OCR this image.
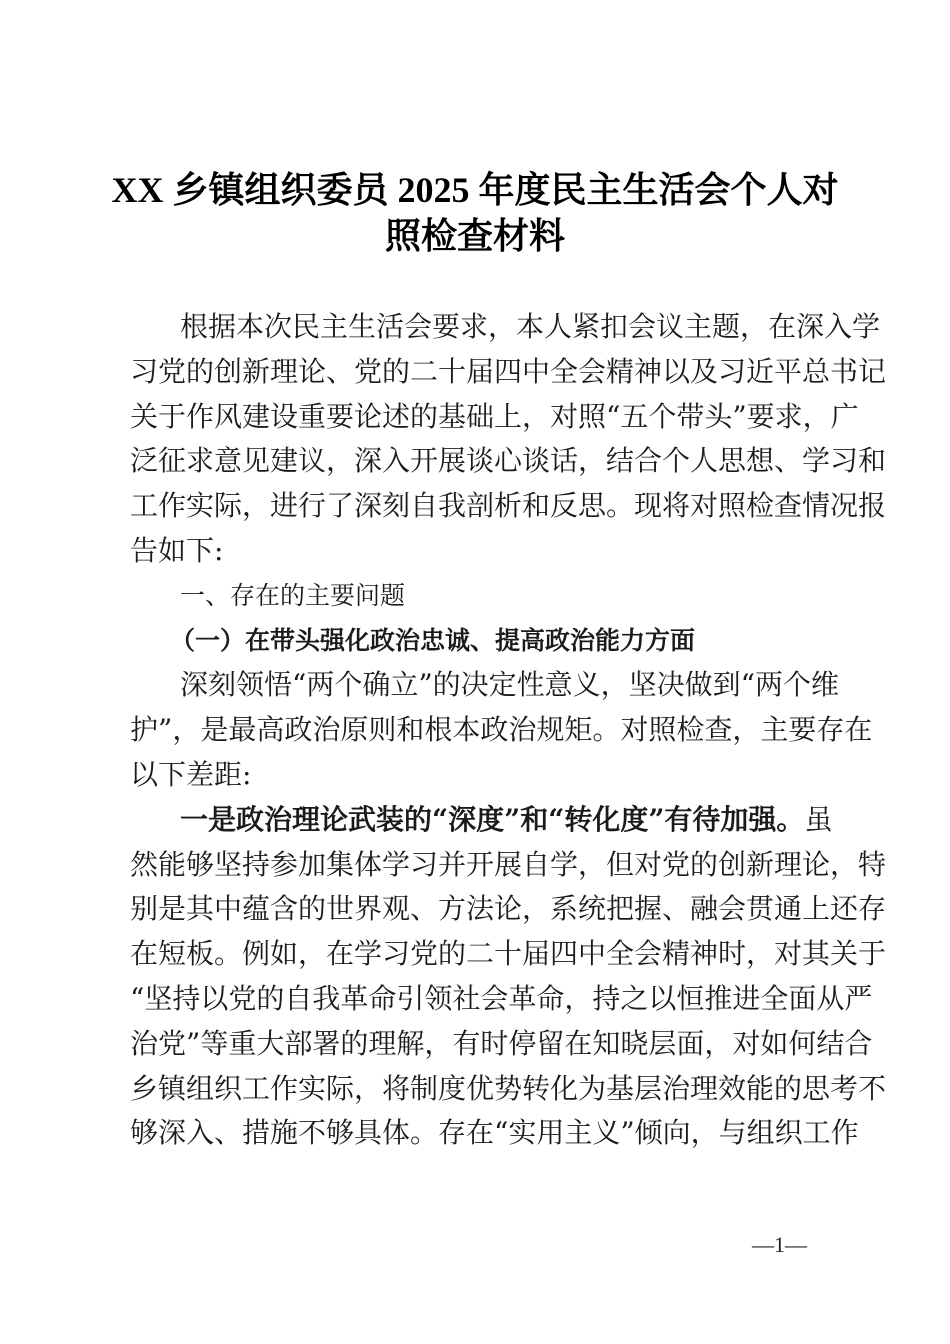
XX 乡镇组织委员 2025 年度民主生活会个人对
照检查材料
根据本次民主生活会要求，本人紧扣会议主题，在深入学
习党的创新理论、党的二十届四中全会精神以及习近平总书记
关于作风建设重要论述的基础上，对照“五个带头”要求，广
泛征求意见建议，深入开展谈心谈话，结合个人思想、学习和
工作实际，进行了深刻自我剖析和反思。现将对照检查情况报
告如下:
一、存在的主要问题
（一）在带头强化政治忠诚、提高政治能力方面
深刻领悟“两个确立”的决定性意义，坚决做到“两个维
护”，是最高政治原则和根本政治规矩。对照检查，主要存在
以下差距:
一是政治理论武装的“深度”和“转化度”有待加强。虽
然能够坚持参加集体学习并开展自学，但对党的创新理论，特
别是其中蕴含的世界观、方法论，系统把握、融会贯通上还存
在短板。例如，在学习党的二十届四中全会精神时，对其关于
“坚持以党的自我革命引领社会革命，持之以恒推进全面从严
治党”等重大部署的理解，有时停留在知晓层面，对如何结合
乡镇组织工作实际，将制度优势转化为基层治理效能的思考不
够深入、措施不够具体。存在“实用主义”倾向，与组织工作
—1—
